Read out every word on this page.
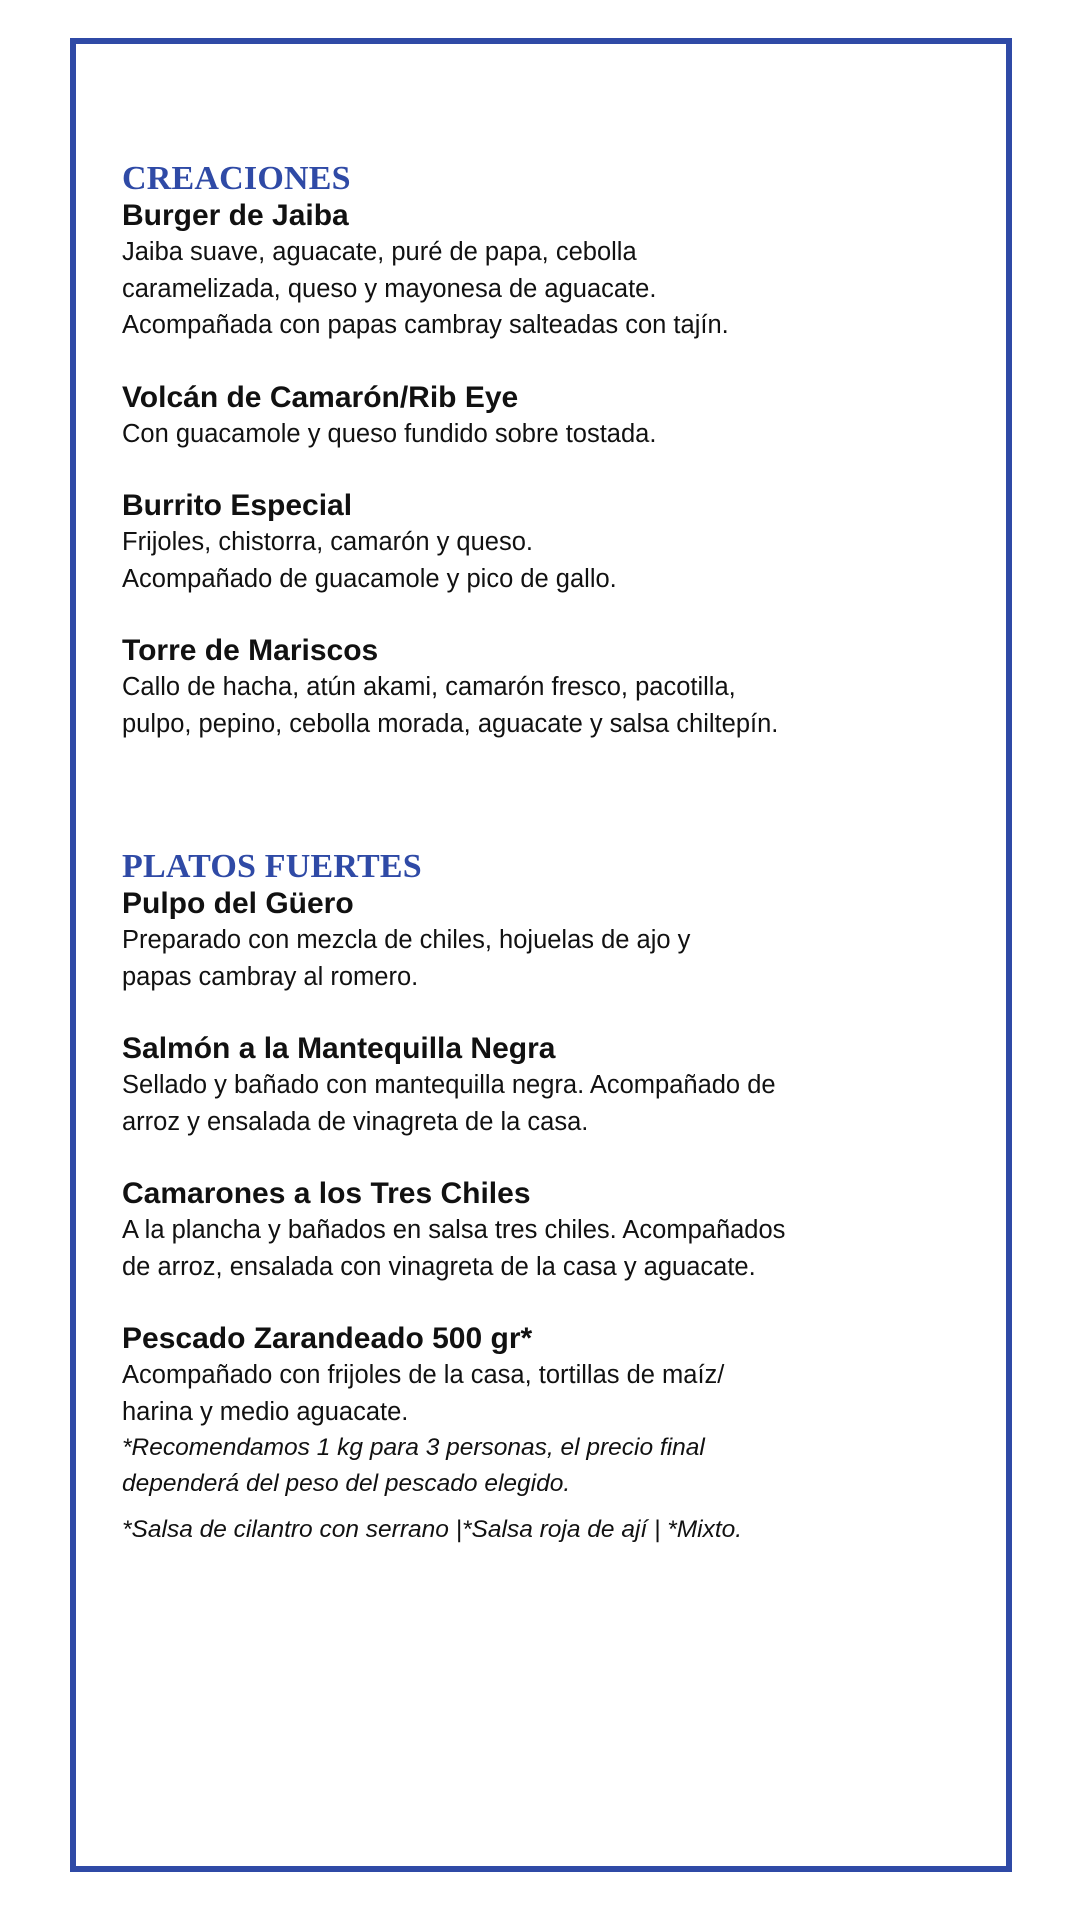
CREACIONES
Burger de Jaiba

Jaiba suave, aguacate, puré de papa, cebolla
caramelizada, queso y mayonesa de aguacate.
Acompañada con papas cambray salteadas con tajín.

Volcán de Camarón/Rib Eye

Con guacamole y queso fundido sobre tostada.

Burrito Especial

Frijoles, chistorra, camarón y queso.
Acompañado de guacamole y pico de gallo.

Torre de Mariscos

Callo de hacha, atún akami, camarón fresco, pacotilla,
pulpo, pepino, cebolla morada, aguacate y salsa chiltepín.

PLATOS FUERTES
Pulpo del Güero

Preparado con mezcla de chiles, hojuelas de ajo y
papas cambray al romero.

Salmón a la Mantequilla Negra

Sellado y bañado con mantequilla negra. Acompañado de
arroz y ensalada de vinagreta de la casa.

Camarones a los Tres Chiles

A la plancha y bañados en salsa tres chiles. Acompañados
de arroz, ensalada con vinagreta de la casa y aguacate.

Pescado Zarandeado 500 gr*

Acompañado con frijoles de la casa, tortillas de maíz/
harina y medio aguacate.

*Recomendamos 1 kg para 3 personas, el precio final
dependerá del peso del pescado elegido.

*Salsa de cilantro con serrano |*Salsa roja de ají | *Mixto.
